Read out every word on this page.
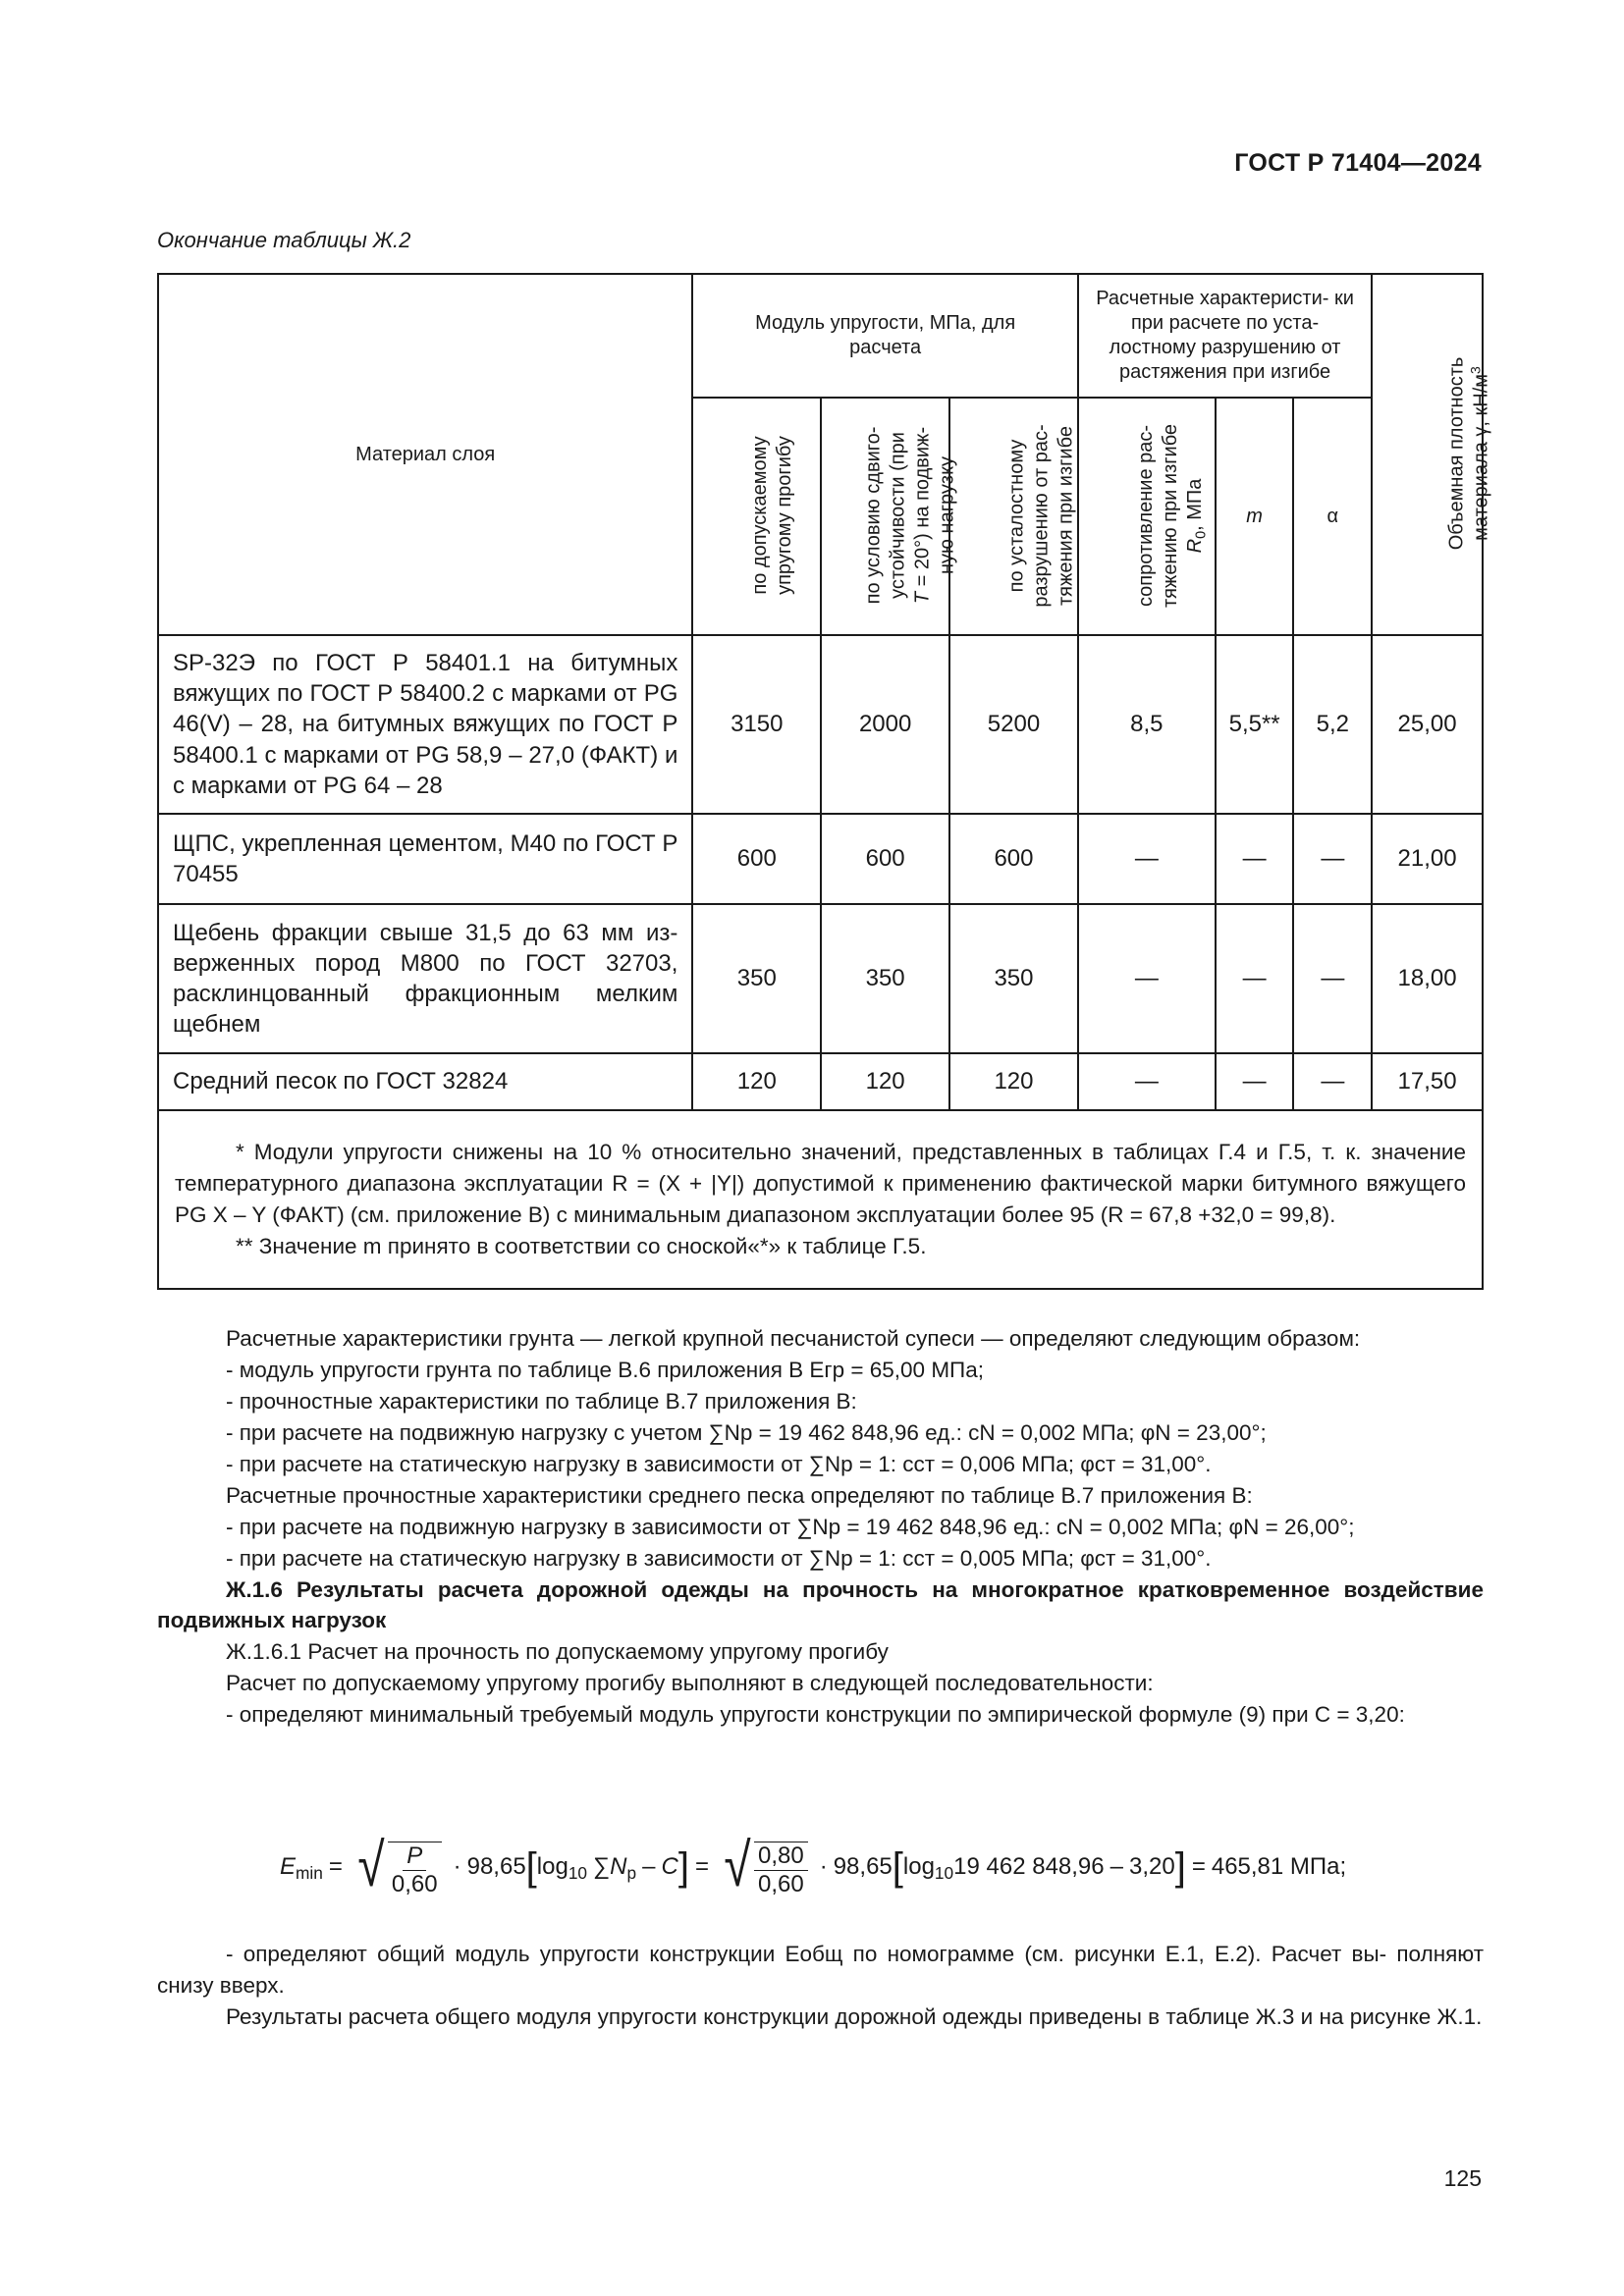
ГОСТ Р 71404—2024
Окончание таблицы Ж.2
Материал слоя	Модуль упругости, МПа, для расчета			Расчетные характеристи- ки при расчете по уста- лостному разрушению от растяжения при изгибе			Объемная плотность материала γ, $кН/м^3$
	по допускаемому упругому прогибу	по условию сдвиго- устойчивости (при T = 20°) на подвиж- ную нагрузку	по усталостному разрушению от рас- тяжения при изгибе	сопротивление рас- тяжению при изгибе $R_0$, МПа	m	α	
SP-32Э по ГОСТ Р 58401.1 на битумных вяжущих по ГОСТ Р 58400.2 с марками от PG 46(V) – 28, на битумных вяжущих по ГОСТ Р 58400.1 с марками от PG 58,9 – 27,0 (ФАКТ) и с марками от PG 64 – 28	3150	2000	5200	8,5	5,5**	5,2	25,00
ЩПС, укрепленная цементом, М40 по ГОСТ Р 70455	600	600	600	—	—	—	21,00
Щебень фракции свыше 31,5 до 63 мм из- верженных пород М800 по ГОСТ 32703, расклинцованный фракционным мелким щебнем	350	350	350	—	—	—	18,00
Средний песок по ГОСТ 32824	120	120	120	—	—	—	17,50

* Модули упругости снижены на 10 % относительно значений, представленных в таблицах Г.4 и Г.5, т. к. значение температурного диапазона эксплуатации R = (X + |Y|) допустимой к применению фактической марки битумного вяжущего PG X – Y (ФАКТ) (см. приложение В) с минимальным диапазоном эксплуатации более 95 (R = 67,8 +32,0 = 99,8).

** Значение m принято в соответствии со сноской«*» к таблице Г.5.							

Расчетные характеристики грунта — легкой крупной песчанистой супеси — определяют следующим образом:

- модуль упругости грунта по таблице В.6 приложения В Eгр = 65,00 МПа;

- прочностные характеристики по таблице В.7 приложения В:

- при расчете на подвижную нагрузку с учетом ∑Nр = 19 462 848,96 ед.: cN = 0,002 МПа; φN = 23,00°;

- при расчете на статическую нагрузку в зависимости от ∑Nр = 1: cст = 0,006 МПа; φст = 31,00°.

Расчетные прочностные характеристики среднего песка определяют по таблице В.7 приложения В:

- при расчете на подвижную нагрузку в зависимости от ∑Nр = 19 462 848,96 ед.: cN = 0,002 МПа; φN = 26,00°;

- при расчете на статическую нагрузку в зависимости от ∑Nр = 1: cст = 0,005 МПа; φст = 31,00°.

Ж.1.6 Результаты расчета дорожной одежды на прочность на многократное кратковременное воздействие подвижных нагрузок

Ж.1.6.1 Расчет на прочность по допускаемому упругому прогибу

Расчет по допускаемому упругому прогибу выполняют в следующей последовательности:

- определяют минимальный требуемый модуль упругости конструкции по эмпирической формуле (9) при C = 3,20:

$E_{min}$ = √ $\frac{P}{0,60} \cdot 98,65$ [ $\log_{10} \sum N_р$ – C ] = √ $\frac{0,80}{0,60} \cdot 98,65$ [ $\log_{10} 19$ 462 848,96 – 3,20 ] = 465,81 МПа;

- определяют общий модуль упругости конструкции Eобщ по номограмме (см. рисунки Е.1, Е.2). Расчет вы- полняют снизу вверх.

Результаты расчета общего модуля упругости конструкции дорожной одежды приведены в таблице Ж.3 и на рисунке Ж.1.

125
